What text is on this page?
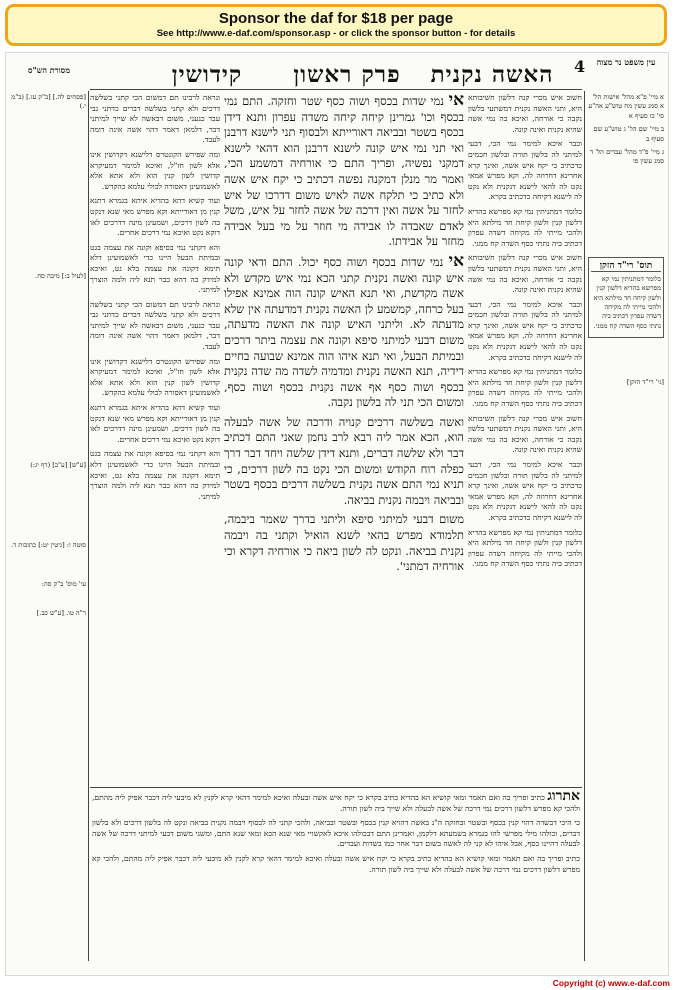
Sponsor the daf for $18 per page
See http://www.e-daf.com/sponsor.asp - or click the sponsor button - for details
מסורת הש"ס	קידושין	פרק ראשון	האשה נקנית	4	עין משפט נר מצוה

[פסחים לה.] [ב"ק עז.] (ב"מ י.)

[לעיל ב:] מיבה סח.

[ע"ש] [ע"ב] (דף יג:)

סוטה ו: [גיטין יט:] כתובות ד.

עי' מוס' ב"ק סה:

ר"ה טו. [ע"ש כב.]

ונראה לרבינו תם דמשום הכי קתני בשלשה דרכים ולא קתני בשלשה דברים כדתני גבי עבד כנעני, משום דבאשה לא שייך למיתני דבר, דלמאן דאמר דהוי אשה אינה דומה לעבד.

ומה שפירש הקונטרס דלישנא דקדושין אינו אלא לשון חז"ל, ואיכא למימר דמעיקרא קדושין לשון קנין הוא ולא אתא אלא לאשמועינן דאסורה לכולי עלמא כהקדש.

ועוד קשיא דהא בהדיא איתא בגמרא דתנא קנין מן דאורייתא וקא מפרש מאי שנא דנקט בה לשון דרכים, ושמעינן מינה דדרכים לאו דוקא נקט ואיכא נמי דרכים אחרים.

והא דקתני נמי בסיפא וקונה את עצמה בגט ובמיתת הבעל היינו כדי לאשמועינן דלא תימא דקונה את עצמה בלא גט, ואיכא למידק בה דהא כבר תנא ליה ולמה הוצרך למיתני.

ונראה לרבינו תם דמשום הכי קתני בשלשה דרכים ולא קתני בשלשה דברים כדתני גבי עבד כנעני, משום דבאשה לא שייך למיתני דבר, דלמאן דאמר דהוי אשה אינה דומה לעבד.

ומה שפירש הקונטרס דלישנא דקדושין אינו אלא לשון חז"ל, ואיכא למימר דמעיקרא קדושין לשון קנין הוא ולא אתא אלא לאשמועינן דאסורה לכולי עלמא כהקדש.

ועוד קשיא דהא בהדיא איתא בגמרא דתנא קנין מן דאורייתא וקא מפרש מאי שנא דנקט בה לשון דרכים, ושמעינן מינה דדרכים לאו דוקא נקט ואיכא נמי דרכים אחרים.

והא דקתני נמי בסיפא וקונה את עצמה בגט ובמיתת הבעל היינו כדי לאשמועינן דלא תימא דקונה את עצמה בלא גט, ואיכא למידק בה דהא כבר תנא ליה ולמה הוצרך למיתני.

אי נמי שדות בכסף ושוה כסף שטר וחזקה. התם נמי בכסף וכו' גמרינן קיחה קיחה משדה עפרון ותנא דידן בכסף בשטר ובביאה דאורייתא ולבסוף תני לישנא דרבנן ואי תני נמי איש קונה לישנא דרבנן הוא דהאי לישנא דמקני נפשיה, ופריך התם כי אורחיה דמשמע הכי, ואמר מר מנלן דמקנה נפשה דכתיב כי יקח איש אשה ולא כתיב כי תלקח אשה לאיש משום דדרכו של איש לחזר על אשה ואין דרכה של אשה לחזר על איש, משל לאדם שאבדה לו אבידה מי חוזר על מי בעל אבידה מחזר על אבידתו.

אי נמי שדות בכסף ושוה כסף יכול. התם ודאי קונה איש קונה ואשה נקנית קתני הכא נמי איש מקדש ולא אשה מקדשת, ואי תנא האיש קונה הוה אמינא אפילו בעל כרחה, קמשמע לן האשה נקנית דמדעתה אין שלא מדעתה לא. וליתני האיש קונה את האשה מדעתה, משום דבעי למיתני סיפא וקונה את עצמה ביתר דרכים ובמיתת הבעל, ואי תנא איהו הוה אמינא שבועה בחיים דידיה, תנא האשה נקנית ומדמיה לשדה מה שדה נקנית בכסף ושוה כסף אף אשה נקנית בכסף ושוה כסף, ומשום הכי תני לה בלשון נקבה.

ואשה בשלשה דרכים קנויה ודרכה של אשה לבעלה הוא, הכא אמר ליה רבא לרב נחמן שאני התם דכתיב דבר ולא שלשה דברים, ותנא דידן שלשה ויחד דבר דרך כפלה רוח הקודש ומשום הכי נקט בה לשון דרכים, כי תניא נמי התם אשה נקנית בשלשה דרכים בכסף בשטר ובביאה ויבמה נקנית בביאה.

משום דבעי למיתני סיפא וליתני בדרך שאמר ביבמה, תלמודא מפרש בהאי לשנא הואיל וקתני בה ויבמה נקנית בביאה. ונקט לה לשון ביאה כי אורחיה דקרא וכי אורחיה דמתני'.

חשוב איש מכרי קנה דלשון חשיבותא היא, ותני האשה נקנית דמשתעי בלשון נקבה כי אורחה, ואיכא בה נמי אשה שהיא נקנית ואינה קונה.

וכבר איכא למימר נמי הכי, דבעי למיתני לה בלשון תורה ובלשון חכמים כדכתיב כי יקח איש אשה, ואינך קרא אחרינא דחרוזה לה, וקא מפרש אמאי נקט לה להאי לישנא דנקנית ולא נקט לה לישנא דקיחה כדכתיב בקרא.

כלומר דמתניתין נמי קא מפרשא בהדיא דלשון קנין ולשון קיחה חד מילתא היא ולהכי מייתי לה מקיחה דשדה עפרון דכתיב ביה נתתי כסף השדה קח ממני.

חשוב איש מכרי קנה דלשון חשיבותא היא, ותני האשה נקנית דמשתעי בלשון נקבה כי אורחה, ואיכא בה נמי אשה שהיא נקנית ואינה קונה.

וכבר איכא למימר נמי הכי, דבעי למיתני לה בלשון תורה ובלשון חכמים כדכתיב כי יקח איש אשה, ואינך קרא אחרינא דחרוזה לה, וקא מפרש אמאי נקט לה להאי לישנא דנקנית ולא נקט לה לישנא דקיחה כדכתיב בקרא.

כלומר דמתניתין נמי קא מפרשא בהדיא דלשון קנין ולשון קיחה חד מילתא היא ולהכי מייתי לה מקיחה דשדה עפרון דכתיב ביה נתתי כסף השדה קח ממני.

חשוב איש מכרי קנה דלשון חשיבותא היא, ותני האשה נקנית דמשתעי בלשון נקבה כי אורחה, ואיכא בה נמי אשה שהיא נקנית ואינה קונה.

וכבר איכא למימר נמי הכי, דבעי למיתני לה בלשון תורה ובלשון חכמים כדכתיב כי יקח איש אשה, ואינך קרא אחרינא דחרוזה לה, וקא מפרש אמאי נקט לה להאי לישנא דנקנית ולא נקט לה לישנא דקיחה כדכתיב בקרא.

כלומר דמתניתין נמי קא מפרשא בהדיא דלשון קנין ולשון קיחה חד מילתא היא ולהכי מייתי לה מקיחה דשדה עפרון דכתיב ביה נתתי כסף השדה קח ממני.

א מיי' פ"א מהל' אישות הל' א סמג עשין מח טוש"ע אה"ע סי' כו סעיף א

ב מיי' שם הל' ג טוש"ע שם סעיף ב

ג מיי' פ"ד מהל' עבדים הל' ד סמג עשין פו

תוס' רי"ד הזקן

כלומר דמתניתין נמי קא מפרשא בהדיא דלשון קנין ולשון קיחה חד מילתא היא ולהכי מייתי לה מקיחה דשדה עפרון דכתיב ביה נתתי כסף השדה קח ממני.

[גי' רי"ד הזקן]

אתרוג כתיב ופריך בה ואם תאמר ומאי קושיא הא בהדיא כתיב בקרא כי יקח איש אשה ובעלה ואיכא למימר דהאי קרא לקנין לא מיבעי ליה דכבר אפיק ליה מהתם, ולהכי קא מפרש דלשון דרכים נמי דרכה של אשה לבעלה ולא שייך ביה לשון תורה.

כי היכי דבשדה דהוי קנין בכסף ובשטר ובחזקה ה"נ באשה דהויא קנין בכסף ובשטר ובביאה, ולהכי קתני לה לבסוף ויבמה נקנית בביאה ונקט לה בלשון דרכים ולא בלשון דברים, וכולהו מילי מפרשי להו בגמרא בשמעתא דלקמן, ואמרינן התם דבכולהו איכא לאקשויי מאי שנא הכא ומאי שנא התם, ומשני משום דבעי למיתני דרכה של אשה לבעלה דהיינו כסף, אבל איהו לא קני לה לאשה בשום דבר אחר כמו בשדות ועבדים.

כתיב ופריך בה ואם תאמר ומאי קושיא הא בהדיא כתיב בקרא כי יקח איש אשה ובעלה ואיכא למימר דהאי קרא לקנין לא מיבעי ליה דכבר אפיק ליה מהתם, ולהכי קא מפרש דלשון דרכים נמי דרכה של אשה לבעלה ולא שייך ביה לשון תורה.

Copyright (c) www.e-daf.com
